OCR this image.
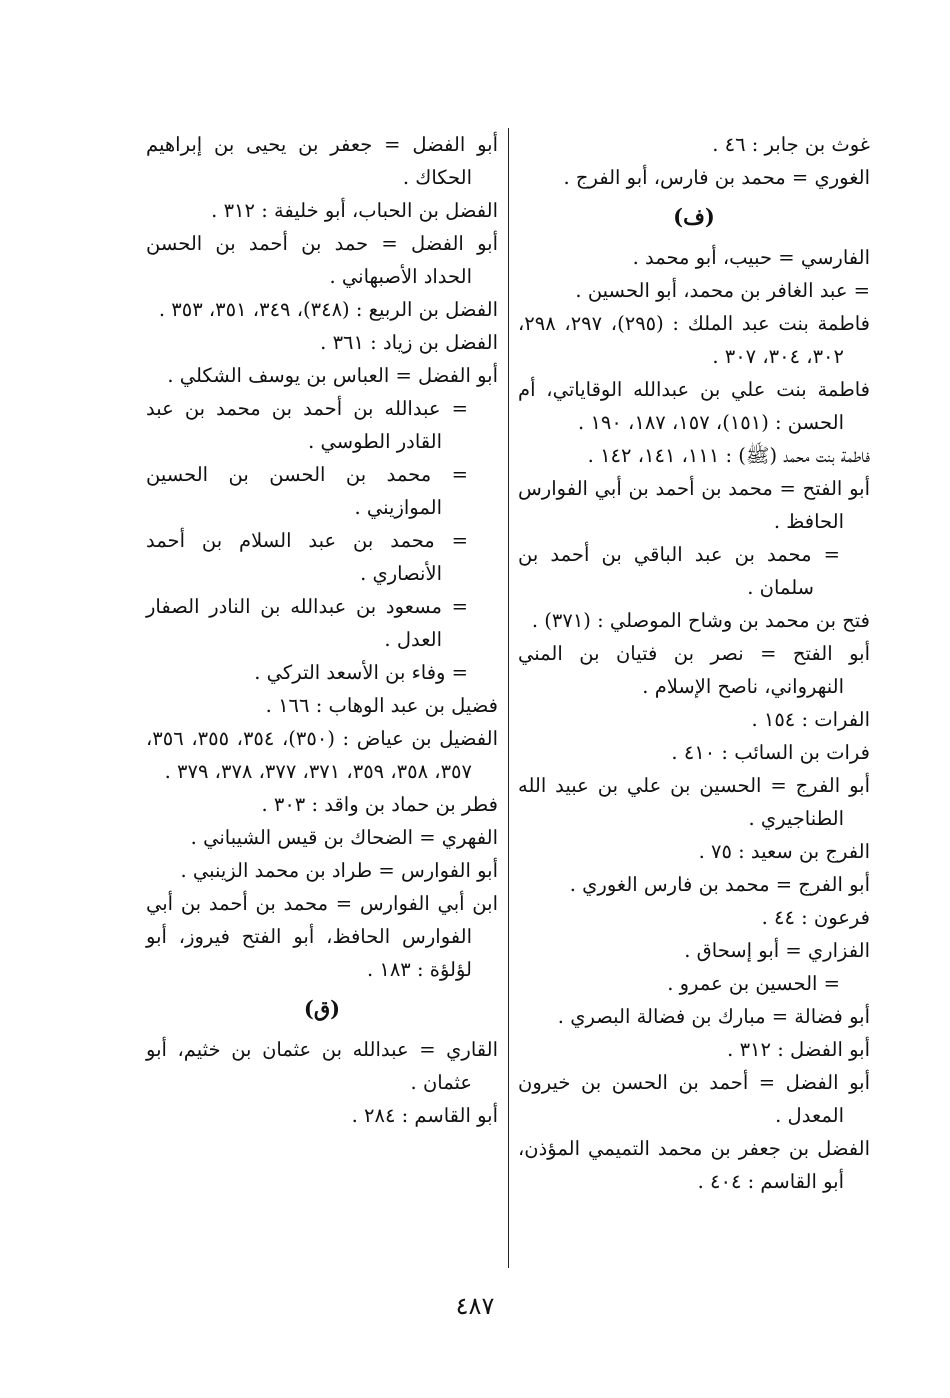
غوث بن جابر : ٤٦ .

الغوري = محمد بن فارس، أبو الفرج .

(ف)

الفارسي = حبيب، أبو محمد .

= عبد الغافر بن محمد، أبو الحسين .

فاطمة بنت عبد الملك : (٢٩٥)، ٢٩٧، ٢٩٨، ٣٠٢، ٣٠٤، ٣٠٧ .

فاطمة بنت علي بن عبدالله الوقاياتي، أم الحسن : (١٥١)، ١٥٧، ١٨٧، ١٩٠ .

فاطمة بنت محمد (ﷺ) : ١١١، ١٤١، ١٤٢ .

أبو الفتح = محمد بن أحمد بن أبي الفوارس الحافظ .

= محمد بن عبد الباقي بن أحمد بن سلمان .

فتح بن محمد بن وشاح الموصلي : (٣٧١) .

أبو الفتح = نصر بن فتيان بن المني النهرواني، ناصح الإسلام .

الفرات : ١٥٤ .

فرات بن السائب : ٤١٠ .

أبو الفرج = الحسين بن علي بن عبيد الله الطناجيري .

الفرج بن سعيد : ٧٥ .

أبو الفرج = محمد بن فارس الغوري .

فرعون : ٤٤ .

الفزاري = أبو إسحاق .

= الحسين بن عمرو .

أبو فضالة = مبارك بن فضالة البصري .

أبو الفضل : ٣١٢ .

أبو الفضل = أحمد بن الحسن بن خيرون المعدل .

الفضل بن جعفر بن محمد التميمي المؤذن، أبو القاسم : ٤٠٤ .

أبو الفضل = جعفر بن يحيى بن إبراهيم الحكاك .

الفضل بن الحباب، أبو خليفة : ٣١٢ .

أبو الفضل = حمد بن أحمد بن الحسن الحداد الأصبهاني .

الفضل بن الربيع : (٣٤٨)، ٣٤٩، ٣٥١، ٣٥٣ .

الفضل بن زياد : ٣٦١ .

أبو الفضل = العباس بن يوسف الشكلي .

= عبدالله بن أحمد بن محمد بن عبد القادر الطوسي .

= محمد بن الحسن بن الحسين الموازيني .

= محمد بن عبد السلام بن أحمد الأنصاري .

= مسعود بن عبدالله بن النادر الصفار العدل .

= وفاء بن الأسعد التركي .

فضيل بن عبد الوهاب : ١٦٦ .

الفضيل بن عياض : (٣٥٠)، ٣٥٤، ٣٥٥، ٣٥٦، ٣٥٧، ٣٥٨، ٣٥٩، ٣٧١، ٣٧٧، ٣٧٨، ٣٧٩ .

فطر بن حماد بن واقد : ٣٠٣ .

الفهري = الضحاك بن قيس الشيباني .

أبو الفوارس = طراد بن محمد الزينبي .

ابن أبي الفوارس = محمد بن أحمد بن أبي الفوارس الحافظ، أبو الفتح فيروز، أبو لؤلؤة : ١٨٣ .

(ق)

القاري = عبدالله بن عثمان بن خثيم، أبو عثمان .

أبو القاسم : ٢٨٤ .

٤٨٧
